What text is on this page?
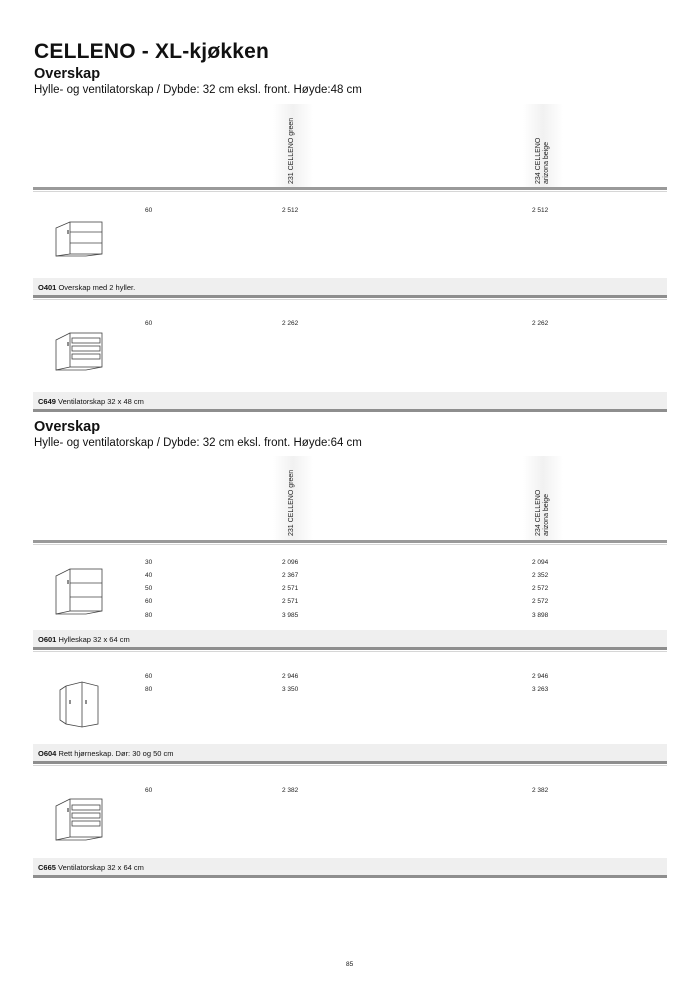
CELLENO - XL-kjøkken
Overskap
Hylle- og ventilatorskap / Dybde: 32 cm eksl. front. Høyde:48 cm
231 CELLENO green	234 CELLENO arizona beige
60	2 512	2 512
O401 Overskap med 2 hyller.
60	2 262	2 262
C649 Ventilatorskap 32 x 48 cm
Overskap
Hylle- og ventilatorskap / Dybde: 32 cm eksl. front. Høyde:64 cm
231 CELLENO green	234 CELLENO arizona beige
30	2 096	2 094
40	2 367	2 352
50	2 571	2 572
60	2 571	2 572
80	3 985	3 898
O601 Hylleskap 32 x 64 cm
60	2 946	2 946
80	3 350	3 263
O604 Rett hjørneskap. Dør: 30 og 50 cm
60	2 382	2 382
C665 Ventilatorskap 32 x 64 cm
85
